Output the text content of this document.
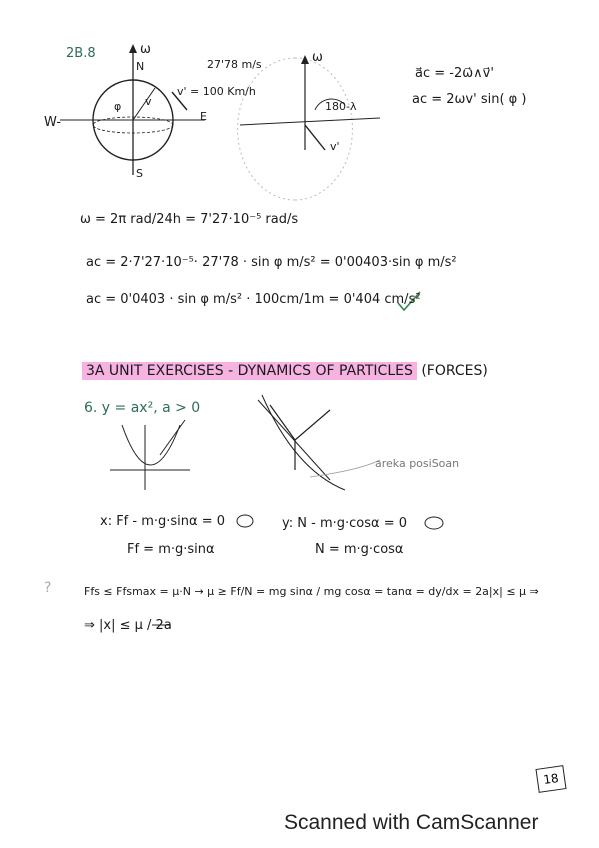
2B.8	ω
N
S
W-	E
φ v
27'78 m/s
v' = 100 Km/h
ω
180-λ
v'
a⃗c = -2ω⃗∧v⃗'
ac = 2ωv' sin( φ )
ω = 2π rad/24h = 7'27·10⁻⁵ rad/s
ac = 2·7'27·10⁻⁵· 27'78 · sin φ m/s² = 0'00403·sin φ m/s²
ac = 0'0403 · sin φ m/s² · 100cm/1m = 0'404 cm/s²
3A UNIT EXERCISES - DYNAMICS OF PARTICLES (FORCES)
6. y = ax², a > 0
areka posiSoan
x: Ff - m·g·sinα = 0
Ff = m·g·sinα
y: N - m·g·cosα = 0
N = m·g·cosα
Ffs ≤ Ffsmax = μ·N → μ ≥ Ff/N = mg sinα / mg cosα = tanα = dy/dx = 2a|x| ≤ μ ⇒
⇒ |x| ≤ μ / 2a
?
18
Scanned with CamScanner
